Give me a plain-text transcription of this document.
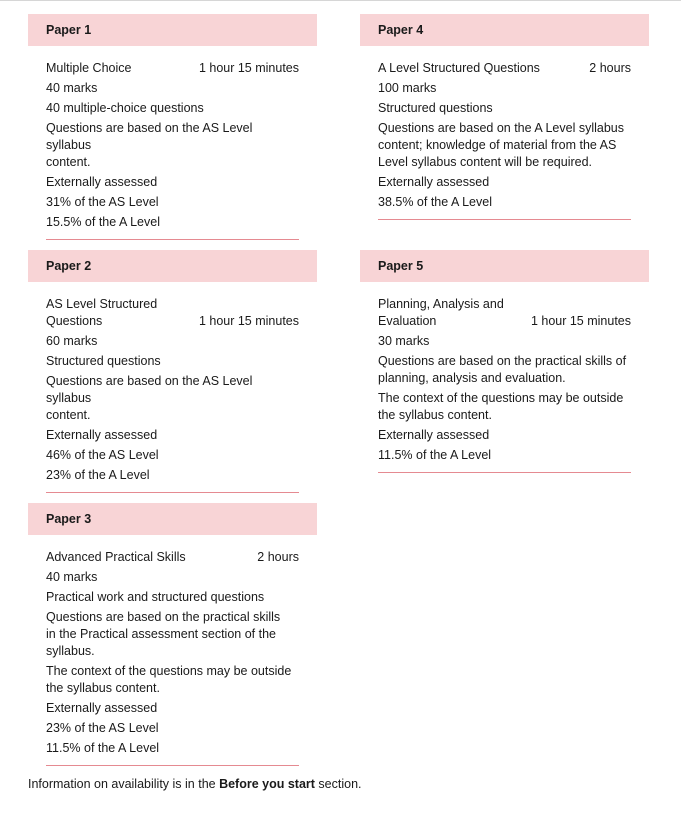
Paper 1
Multiple Choice	1 hour 15 minutes
40 marks
40 multiple-choice questions
Questions are based on the AS Level syllabus
content.
Externally assessed
31% of the AS Level
15.5% of the A Level
Paper 4
A Level Structured Questions	2 hours
100 marks
Structured questions
Questions are based on the A Level syllabus
content; knowledge of material from the AS
Level syllabus content will be required.
Externally assessed
38.5% of the A Level
Paper 2
AS Level Structured
Questions	1 hour 15 minutes
60 marks
Structured questions
Questions are based on the AS Level syllabus
content.
Externally assessed
46% of the AS Level
23% of the A Level
Paper 5
Planning, Analysis and
Evaluation	1 hour 15 minutes
30 marks
Questions are based on the practical skills of
planning, analysis and evaluation.
The context of the questions may be outside
the syllabus content.
Externally assessed
11.5% of the A Level
Paper 3
Advanced Practical Skills	2 hours
40 marks
Practical work and structured questions
Questions are based on the practical skills
in the Practical assessment section of the
syllabus.
The context of the questions may be outside
the syllabus content.
Externally assessed
23% of the AS Level
11.5% of the A Level
Information on availability is in the Before you start section.
